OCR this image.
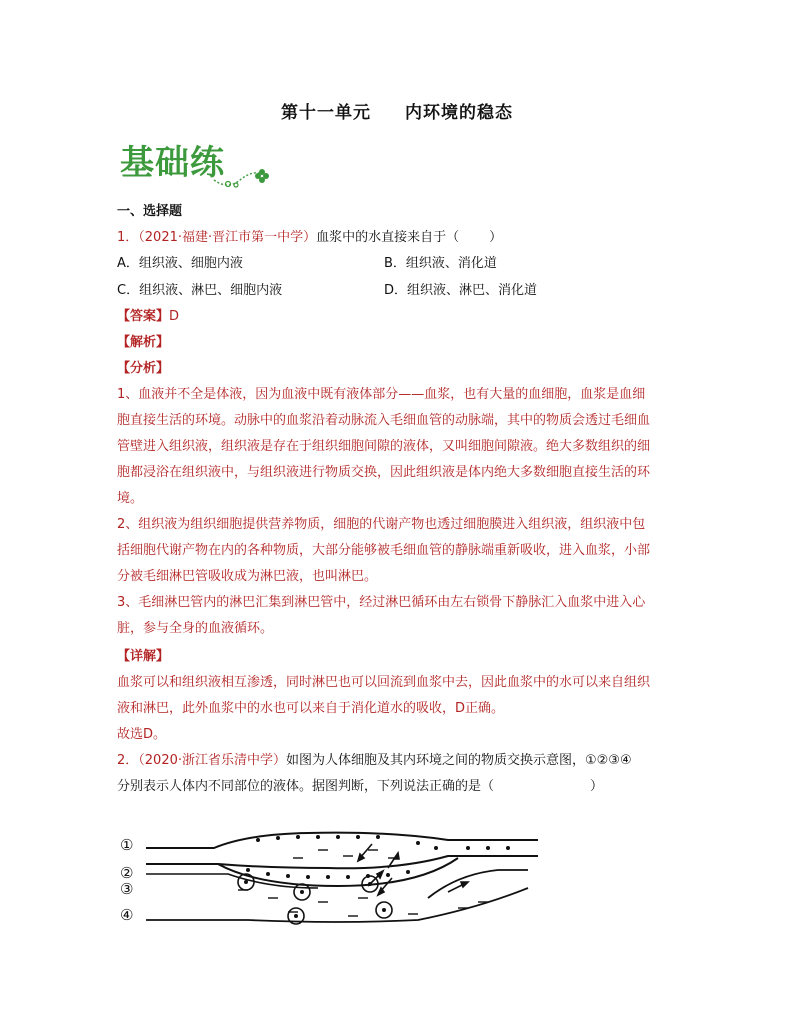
第十一单元 内环境的稳态
基础练
一、选择题
1．（2021·福建·晋江市第一中学）血浆中的水直接来自于（ ）
A．组织液、细胞内液	B．组织液、消化道
C．组织液、淋巴、细胞内液	D．组织液、淋巴、消化道
【答案】D
【解析】
【分析】
1、血液并不全是体液，因为血液中既有液体部分——血浆，也有大量的血细胞，血浆是血细
胞直接生活的环境。动脉中的血浆沿着动脉流入毛细血管的动脉端，其中的物质会透过毛细血
管壁进入组织液，组织液是存在于组织细胞间隙的液体，又叫细胞间隙液。绝大多数组织的细
胞都浸浴在组织液中，与组织液进行物质交换，因此组织液是体内绝大多数细胞直接生活的环
境。
2、组织液为组织细胞提供营养物质，细胞的代谢产物也透过细胞膜进入组织液，组织液中包
括细胞代谢产物在内的各种物质，大部分能够被毛细血管的静脉端重新吸收，进入血浆，小部
分被毛细淋巴管吸收成为淋巴液，也叫淋巴。
3、毛细淋巴管内的淋巴汇集到淋巴管中，经过淋巴循环由左右锁骨下静脉汇入血浆中进入心
脏，参与全身的血液循环。
【详解】
血浆可以和组织液相互渗透，同时淋巴也可以回流到血浆中去，因此血浆中的水可以来自组织
液和淋巴，此外血浆中的水也可以来自于消化道水的吸收，D正确。
故选D。
2．（2020·浙江省乐清中学）如图为人体细胞及其内环境之间的物质交换示意图，①②③④
分别表示人体内不同部位的液体。据图判断，下列说法正确的是（	）
①
②
③
④
